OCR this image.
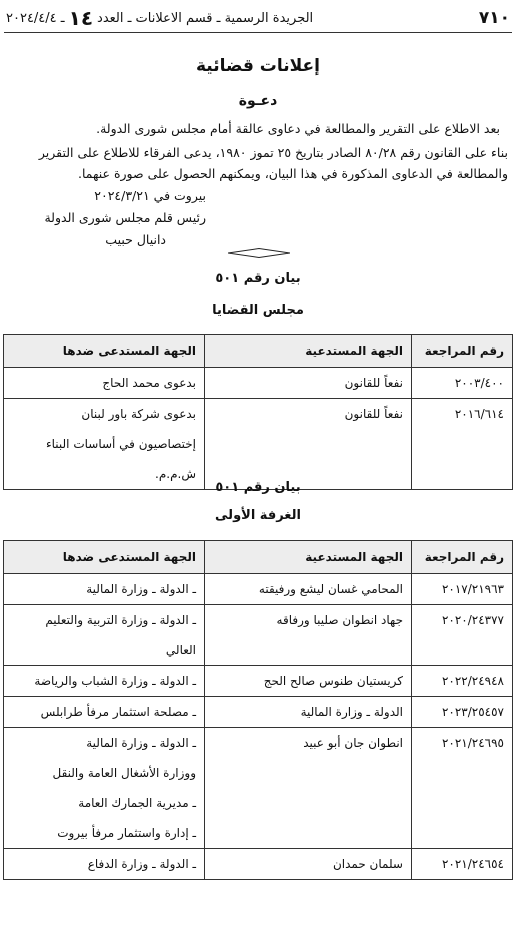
٧١٠
الجريدة الرسمية ـ قسم الاعلانات ـ العدد
١٤
ـ ٢٠٢٤/٤/٤
إعلانات قضائية
دعـوة
بعد الاطلاع على التقرير والمطالعة في دعاوى عالقة أمام مجلس شورى الدولة.
بناء على القانون رقم ٨٠/٢٨ الصادر بتاريخ ٢٥ تموز ١٩٨٠، يدعى الفرقاء للاطلاع على التقرير والمطالعة في الدعاوى المذكورة في هذا البيان، ويمكنهم الحصول على صورة عنهما.
بيروت في ٢٠٢٤/٣/٢١
رئيس قلم مجلس شورى الدولة
دانيال حبيب
بيان رقم ٥٠١
مجلس القضايا
رقم المراجعة	الجهة المستدعية	الجهة المستدعى ضدها
٢٠٠٣/٤٠٠	نفعاً للقانون	بدعوى محمد الحاج

٢٠١٦/٦١٤	نفعاً للقانون	بدعوى شركة باور لبنان
إختصاصيون في أساسات البناء ش.م.م.
بيان رقم ٥٠١
الغرفة الأولى
رقم المراجعة	الجهة المستدعية	الجهة المستدعى ضدها
٢٠١٧/٢١٩٦٣	المحامي غسان ليشع ورفيقته	ـ الدولة ـ وزارة المالية

٢٠٢٠/٢٤٣٧٧	جهاد انطوان صليبا ورفاقه	ـ الدولة ـ وزارة التربية والتعليم العالي

٢٠٢٢/٢٤٩٤٨	كريستيان طنوس صالح الحج	ـ الدولة ـ وزارة الشباب والرياضة

٢٠٢٣/٢٥٤٥٧	الدولة ـ وزارة المالية	ـ مصلحة استثمار مرفأ طرابلس

٢٠٢١/٢٤٦٩٥	انطوان جان أبو عبيد	ـ الدولة ـ وزارة المالية
ووزارة الأشغال العامة والنقل
ـ مديرية الجمارك العامة
ـ إدارة واستثمار مرفأ بيروت

٢٠٢١/٢٤٦٥٤	سلمان حمدان	ـ الدولة ـ وزارة الدفاع
